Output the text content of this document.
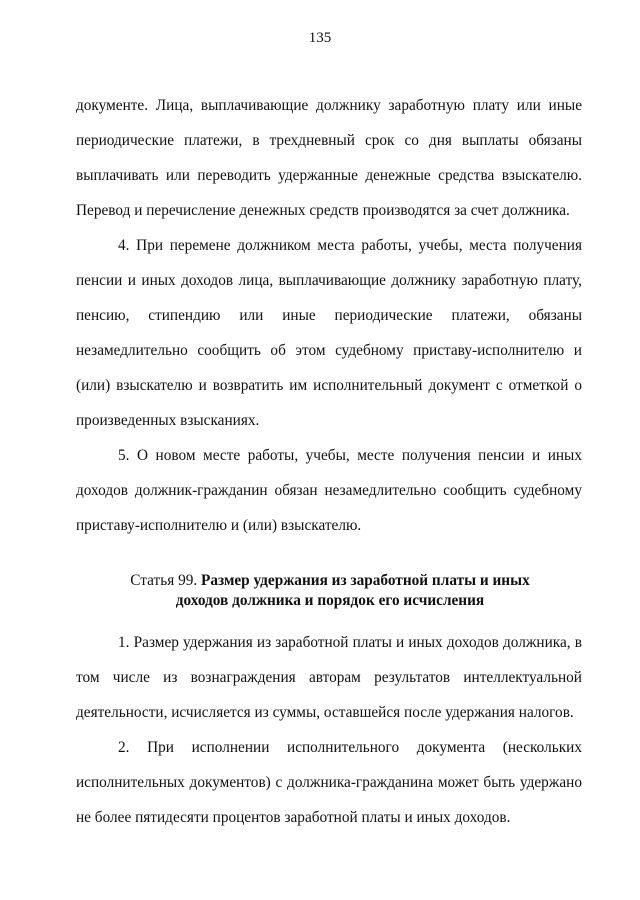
135

документе. Лица, выплачивающие должнику заработную плату или иные периодические платежи, в трехдневный срок со дня выплаты обязаны выплачивать или переводить удержанные денежные средства взыскателю. Перевод и перечисление денежных средств производятся за счет должника.

4. При перемене должником места работы, учебы, места получения пенсии и иных доходов лица, выплачивающие должнику заработную плату, пенсию, стипендию или иные периодические платежи, обязаны незамедлительно сообщить об этом судебному приставу-исполнителю и (или) взыскателю и возвратить им исполнительный документ с отметкой о произведенных взысканиях.

5. О новом месте работы, учебы, месте получения пенсии и иных доходов должник-гражданин обязан незамедлительно сообщить судебному приставу-исполнителю и (или) взыскателю.

Статья 99. Размер удержания из заработной платы и иных
доходов должника и порядок его исчисления

1. Размер удержания из заработной платы и иных доходов должника, в том числе из вознаграждения авторам результатов интеллектуальной деятельности, исчисляется из суммы, оставшейся после удержания налогов.

2. При исполнении исполнительного документа (нескольких исполнительных документов) с должника-гражданина может быть удержано не более пятидесяти процентов заработной платы и иных доходов.
